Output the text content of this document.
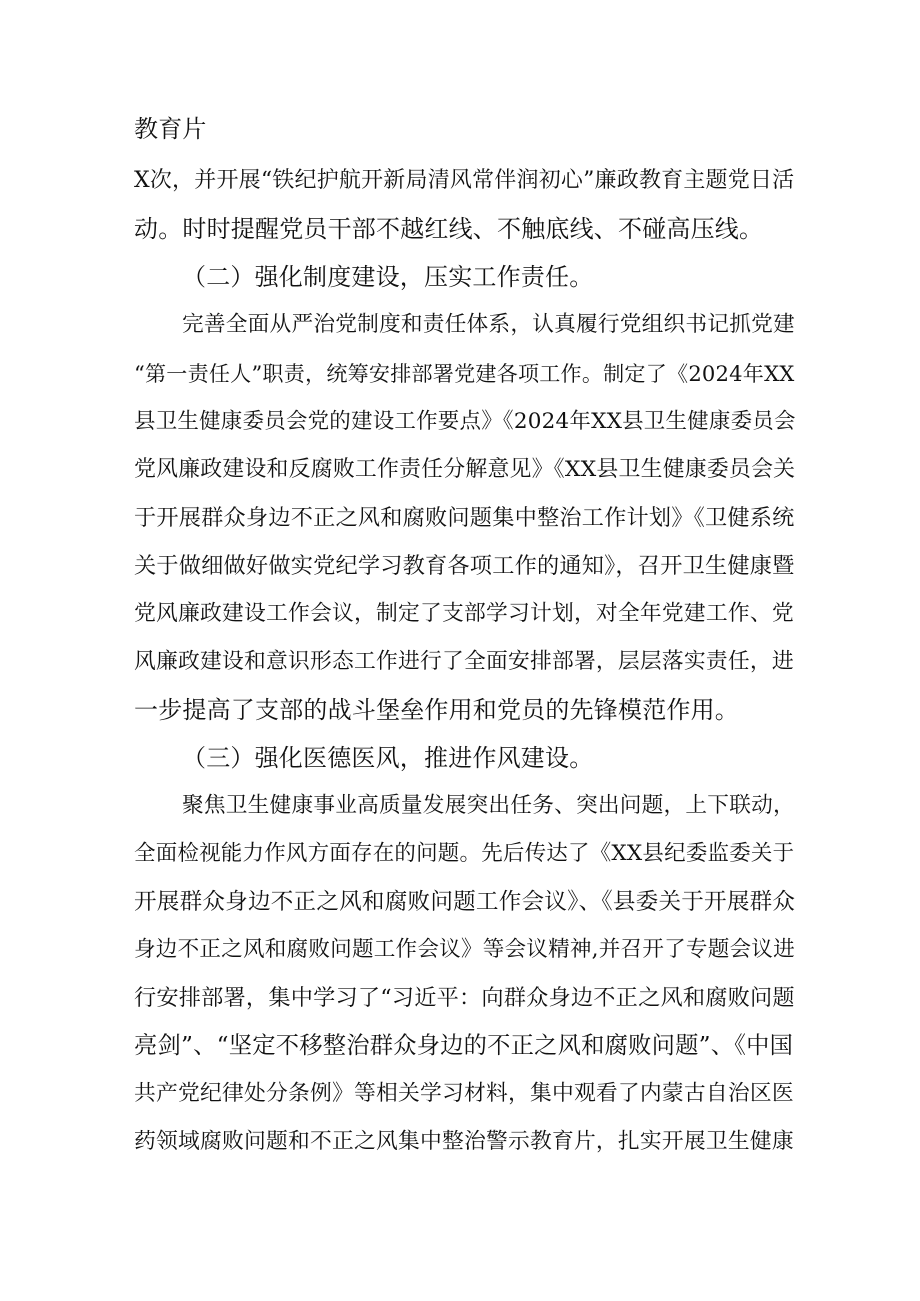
教育片
X次，并开展“铁纪护航开新局清风常伴润初心”廉政教育主题党日活
动。时时提醒党员干部不越红线、不触底线、不碰高压线。
（二）强化制度建设，压实工作责任。
完善全面从严治党制度和责任体系，认真履行党组织书记抓党建
“第一责任人”职责，统筹安排部署党建各项工作。制定了《2024年XX
县卫生健康委员会党的建设工作要点》《2024年XX县卫生健康委员会
党风廉政建设和反腐败工作责任分解意见》《XX县卫生健康委员会关
于开展群众身边不正之风和腐败问题集中整治工作计划》《卫健系统
关于做细做好做实党纪学习教育各项工作的通知》，召开卫生健康暨
党风廉政建设工作会议，制定了支部学习计划，对全年党建工作、党
风廉政建设和意识形态工作进行了全面安排部署，层层落实责任，进
一步提高了支部的战斗堡垒作用和党员的先锋模范作用。
（三）强化医德医风，推进作风建设。
聚焦卫生健康事业高质量发展突出任务、突出问题，上下联动，
全面检视能力作风方面存在的问题。先后传达了《XX县纪委监委关于
开展群众身边不正之风和腐败问题工作会议》、《县委关于开展群众
身边不正之风和腐败问题工作会议》等会议精神,并召开了专题会议进
行安排部署，集中学习了“习近平：向群众身边不正之风和腐败问题
亮剑”、“坚定不移整治群众身边的不正之风和腐败问题”、《中国
共产党纪律处分条例》等相关学习材料，集中观看了内蒙古自治区医
药领域腐败问题和不正之风集中整治警示教育片，扎实开展卫生健康
